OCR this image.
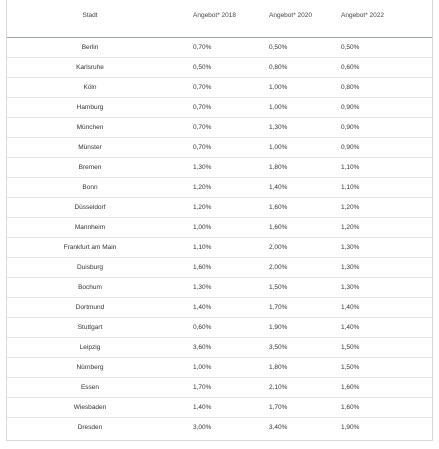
Stadt	Angebot* 2018	Angebot* 2020	Angebot* 2022
Berlin	0,70%	0,50%	0,50%
Karlsruhe	0,50%	0,80%	0,60%
Köln	0,70%	1,00%	0,80%
Hamburg	0,70%	1,00%	0,90%
München	0,70%	1,30%	0,90%
Münster	0,70%	1,00%	0,90%
Bremen	1,30%	1,80%	1,10%
Bonn	1,20%	1,40%	1,10%
Düsseldorf	1,20%	1,60%	1,20%
Mannheim	1,00%	1,60%	1,20%
Frankfurt am Main	1,10%	2,00%	1,30%
Duisburg	1,60%	2,00%	1,30%
Bochum	1,30%	1,50%	1,30%
Dortmund	1,40%	1,70%	1,40%
Stuttgart	0,60%	1,90%	1,40%
Leipzig	3,60%	3,50%	1,50%
Nürnberg	1,00%	1,80%	1,50%
Essen	1,70%	2,10%	1,60%
Wiesbaden	1,40%	1,70%	1,60%
Dresden	3,00%	3,40%	1,90%
